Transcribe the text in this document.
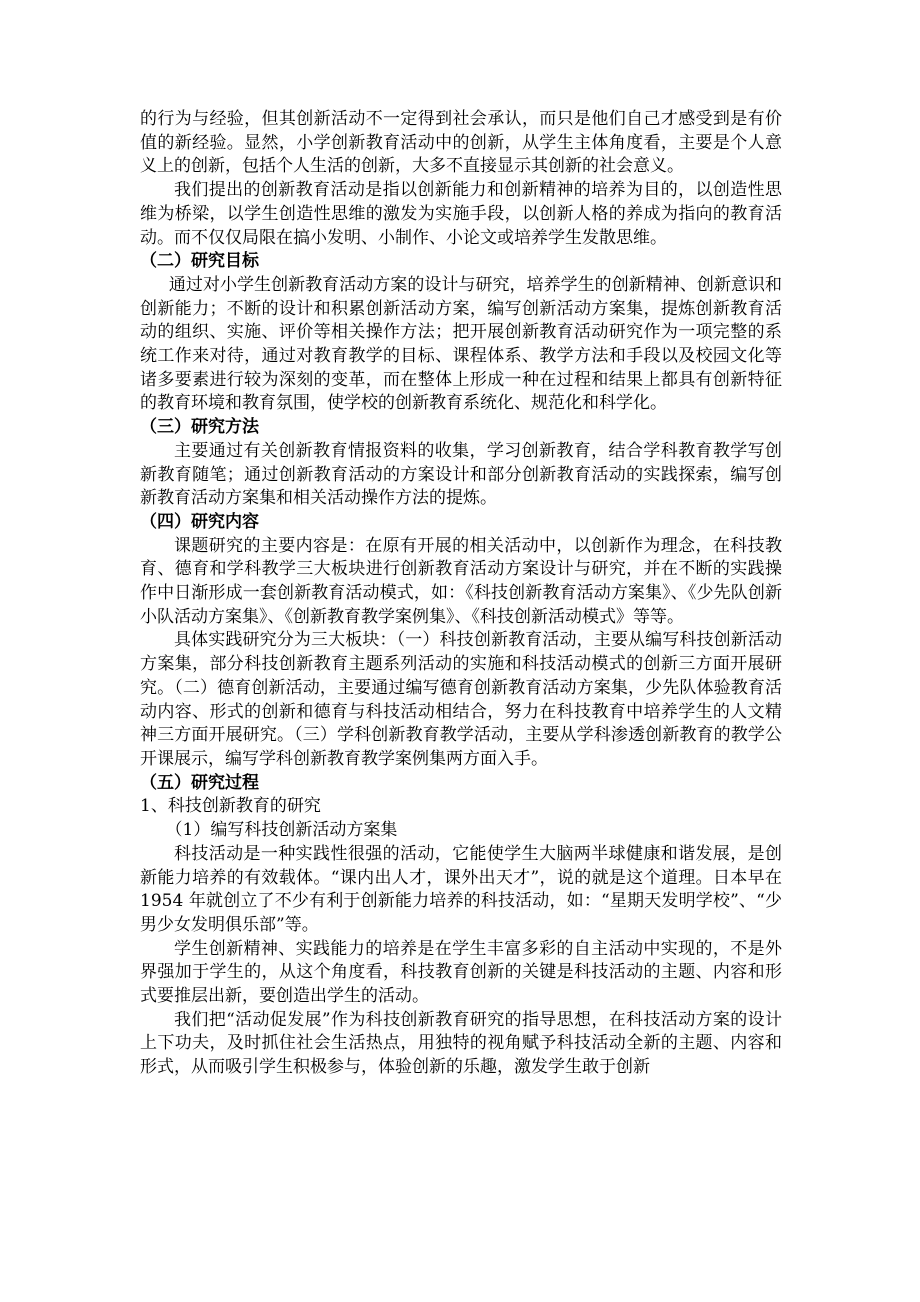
的行为与经验，但其创新活动不一定得到社会承认，而只是他们自己才感受到是有价值的新经验。显然，小学创新教育活动中的创新，从学生主体角度看，主要是个人意义上的创新，包括个人生活的创新，大多不直接显示其创新的社会意义。

我们提出的创新教育活动是指以创新能力和创新精神的培养为目的，以创造性思维为桥梁，以学生创造性思维的激发为实施手段，以创新人格的养成为指向的教育活动。而不仅仅局限在搞小发明、小制作、小论文或培养学生发散思维。

（二）研究目标

通过对小学生创新教育活动方案的设计与研究，培养学生的创新精神、创新意识和创新能力；不断的设计和积累创新活动方案，编写创新活动方案集，提炼创新教育活动的组织、实施、评价等相关操作方法；把开展创新教育活动研究作为一项完整的系统工作来对待，通过对教育教学的目标、课程体系、教学方法和手段以及校园文化等诸多要素进行较为深刻的变革，而在整体上形成一种在过程和结果上都具有创新特征的教育环境和教育氛围，使学校的创新教育系统化、规范化和科学化。

（三）研究方法

主要通过有关创新教育情报资料的收集，学习创新教育，结合学科教育教学写创新教育随笔；通过创新教育活动的方案设计和部分创新教育活动的实践探索，编写创新教育活动方案集和相关活动操作方法的提炼。

（四）研究内容

课题研究的主要内容是：在原有开展的相关活动中，以创新作为理念，在科技教育、德育和学科教学三大板块进行创新教育活动方案设计与研究，并在不断的实践操作中日渐形成一套创新教育活动模式，如：《科技创新教育活动方案集》、《少先队创新小队活动方案集》、《创新教育教学案例集》、《科技创新活动模式》等等。

具体实践研究分为三大板块：（一）科技创新教育活动，主要从编写科技创新活动方案集，部分科技创新教育主题系列活动的实施和科技活动模式的创新三方面开展研究。（二）德育创新活动，主要通过编写德育创新教育活动方案集，少先队体验教育活动内容、形式的创新和德育与科技活动相结合，努力在科技教育中培养学生的人文精神三方面开展研究。（三）学科创新教育教学活动，主要从学科渗透创新教育的教学公开课展示，编写学科创新教育教学案例集两方面入手。

（五）研究过程

1、科技创新教育的研究

（1）编写科技创新活动方案集

科技活动是一种实践性很强的活动，它能使学生大脑两半球健康和谐发展，是创新能力培养的有效载体。“课内出人才，课外出天才”，说的就是这个道理。日本早在 1954 年就创立了不少有利于创新能力培养的科技活动，如：“星期天发明学校”、“少男少女发明俱乐部”等。

学生创新精神、实践能力的培养是在学生丰富多彩的自主活动中实现的，不是外界强加于学生的，从这个角度看，科技教育创新的关键是科技活动的主题、内容和形式要推层出新，要创造出学生的活动。

我们把“活动促发展”作为科技创新教育研究的指导思想，在科技活动方案的设计上下功夫，及时抓住社会生活热点，用独特的视角赋予科技活动全新的主题、内容和形式，从而吸引学生积极参与，体验创新的乐趣，激发学生敢于创新
